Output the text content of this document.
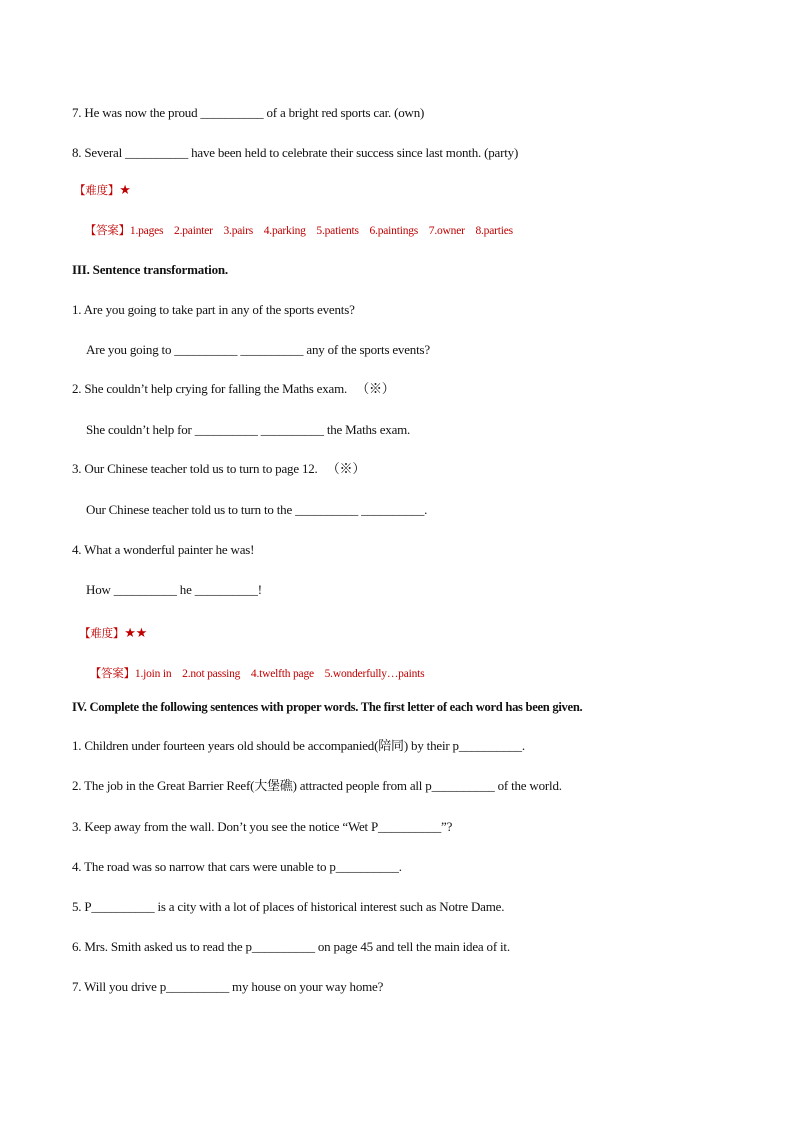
7. He was now the proud __________ of a bright red sports car. (own)
8. Several __________ have been held to celebrate their success since last month. (party)
【难度】★

【答案】1.pages    2.painter    3.pairs    4.parking    5.patients    6.paintings    7.owner    8.parties

III. Sentence transformation.
1. Are you going to take part in any of the sports events?
Are you going to __________ __________ any of the sports events?
2. She couldn’t help crying for falling the Maths exam.   （※）
She couldn’t help for __________ __________ the Maths exam.
3. Our Chinese teacher told us to turn to page 12.   （※）
Our Chinese teacher told us to turn to the __________ __________.
4. What a wonderful painter he was!
How __________ he __________!
【难度】★★

【答案】1.join in    2.not passing    4.twelfth page    5.wonderfully…paints

IV. Complete the following sentences with proper words. The first letter of each word has been given.
1. Children under fourteen years old should be accompanied(陪同) by their p__________.
2. The job in the Great Barrier Reef(大堡礁) attracted people from all p__________ of the world.
3. Keep away from the wall. Don’t you see the notice “Wet P__________”?
4. The road was so narrow that cars were unable to p__________.
5. P__________ is a city with a lot of places of historical interest such as Notre Dame.
6. Mrs. Smith asked us to read the p__________ on page 45 and tell the main idea of it.
7. Will you drive p__________ my house on your way home?
